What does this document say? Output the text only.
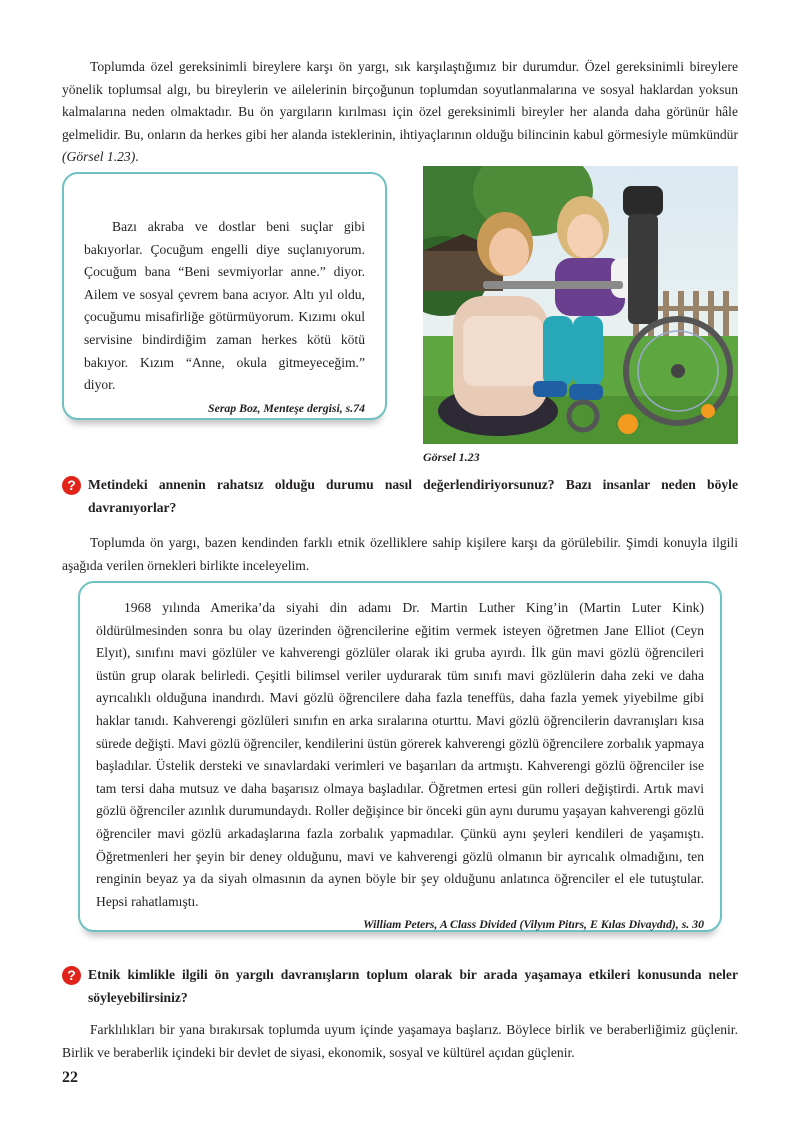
Toplumda özel gereksinimli bireylere karşı ön yargı, sık karşılaştığımız bir durumdur. Özel gereksinimli bireylere yönelik toplumsal algı, bu bireylerin ve ailelerinin birçoğunun toplumdan soyutlanmalarına ve sosyal haklardan yoksun kalmalarına neden olmaktadır. Bu ön yargıların kırılması için özel gereksinimli bireyler her alanda daha görünür hâle gelmelidir. Bu, onların da herkes gibi her alanda isteklerinin, ihtiyaçlarının olduğu bilincinin kabul görmesiyle mümkündür (Görsel 1.23).

Bazı akraba ve dostlar beni suçlar gibi bakıyorlar. Çocuğum engelli diye suçlanıyorum. Çocuğum bana “Beni sevmiyorlar anne.” diyor. Ailem ve sosyal çevrem bana acıyor. Altı yıl oldu, çocuğumu misafirliğe götürmüyorum. Kızımı okul servisine bindirdiğim zaman herkes kötü kötü bakıyor. Kızım “Anne, okula gitmeyeceğim.” diyor.

Serap Boz, Menteşe dergisi, s.74
Görsel 1.23
? Metindeki annenin rahatsız olduğu durumu nasıl değerlendiriyorsunuz? Bazı insanlar neden böyle davranıyorlar?

Toplumda ön yargı, bazen kendinden farklı etnik özelliklere sahip kişilere karşı da görülebilir. Şimdi konuyla ilgili aşağıda verilen örnekleri birlikte inceleyelim.

1968 yılında Amerika’da siyahi din adamı Dr. Martin Luther King’in (Martin Luter Kink) öldürülmesinden sonra bu olay üzerinden öğrencilerine eğitim vermek isteyen öğretmen Jane Elliot (Ceyn Elyıt), sınıfını mavi gözlüler ve kahverengi gözlüler olarak iki gruba ayırdı. İlk gün mavi gözlü öğrencileri üstün grup olarak belirledi. Çeşitli bilimsel veriler uydurarak tüm sınıfı mavi gözlülerin daha zeki ve daha ayrıcalıklı olduğuna inandırdı. Mavi gözlü öğrencilere daha fazla teneffüs, daha fazla yemek yiyebilme gibi haklar tanıdı. Kahverengi gözlüleri sınıfın en arka sıralarına oturttu. Mavi gözlü öğrencilerin davranışları kısa sürede değişti. Mavi gözlü öğrenciler, kendilerini üstün görerek kahverengi gözlü öğrencilere zorbalık yapmaya başladılar. Üstelik dersteki ve sınavlardaki verimleri ve başarıları da artmıştı. Kahverengi gözlü öğrenciler ise tam tersi daha mutsuz ve daha başarısız olmaya başladılar. Öğretmen ertesi gün rolleri değiştirdi. Artık mavi gözlü öğrenciler azınlık durumundaydı. Roller değişince bir önceki gün aynı durumu yaşayan kahverengi gözlü öğrenciler mavi gözlü arkadaşlarına fazla zorbalık yapmadılar. Çünkü aynı şeyleri kendileri de yaşamıştı. Öğretmenleri her şeyin bir deney olduğunu, mavi ve kahverengi gözlü olmanın bir ayrıcalık olmadığını, ten renginin beyaz ya da siyah olmasının da aynen böyle bir şey olduğunu anlatınca öğrenciler el ele tutuştular. Hepsi rahatlamıştı.

William Peters, A Class Divided (Vilyım Pitırs, E Kılas Divaydıd), s. 30
? Etnik kimlikle ilgili ön yargılı davranışların toplum olarak bir arada yaşamaya etkileri konusunda neler söyleyebilirsiniz?

Farklılıkları bir yana bırakırsak toplumda uyum içinde yaşamaya başlarız. Böylece birlik ve beraberliğimiz güçlenir. Birlik ve beraberlik içindeki bir devlet de siyasi, ekonomik, sosyal ve kültürel açıdan güçlenir.

22
